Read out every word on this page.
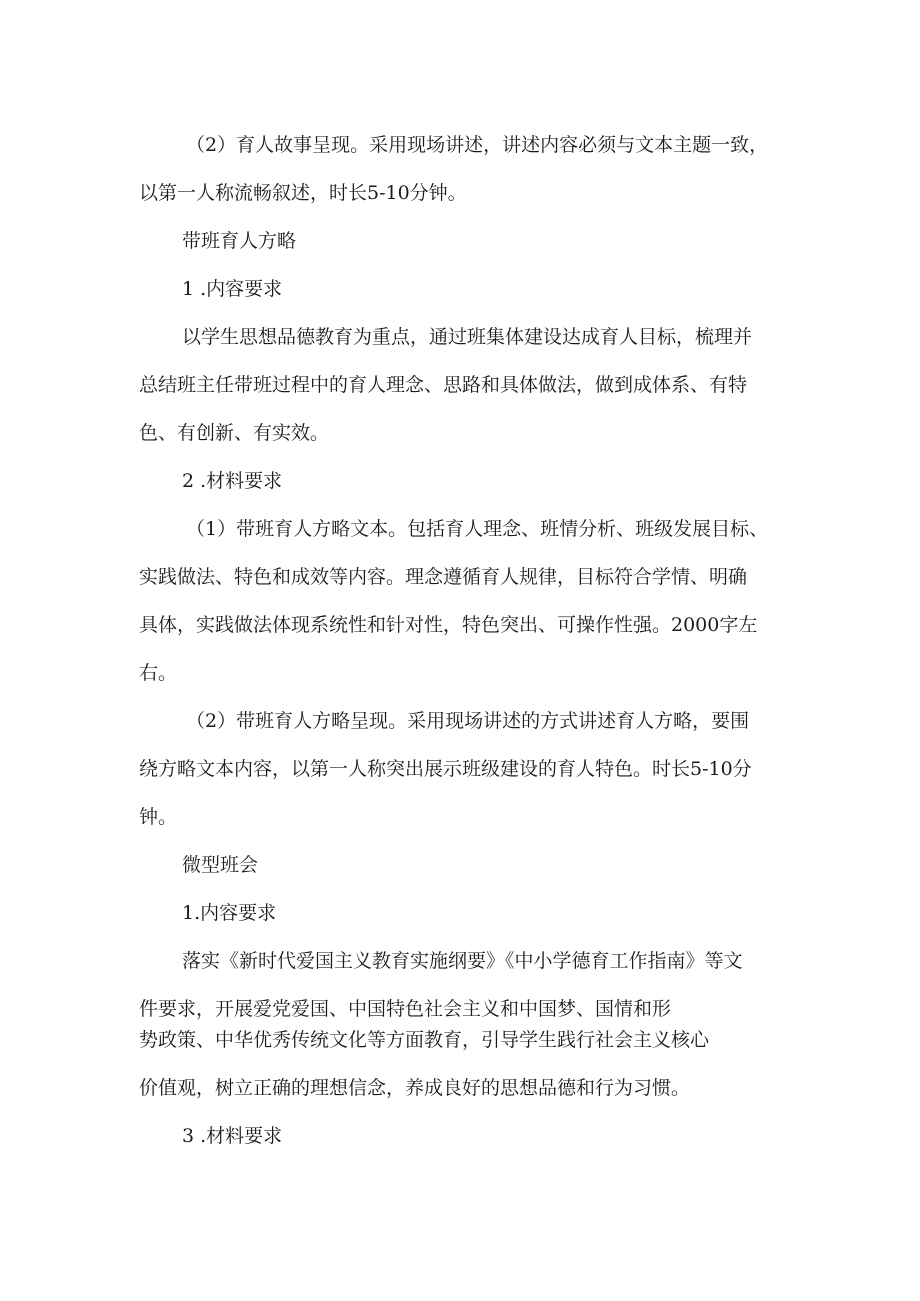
（2）育人故事呈现。采用现场讲述，讲述内容必须与文本主题一致，
以第一人称流畅叙述，时长5-10分钟。
带班育人方略
1 .内容要求
以学生思想品德教育为重点，通过班集体建设达成育人目标，梳理并
总结班主任带班过程中的育人理念、思路和具体做法，做到成体系、有特
色、有创新、有实效。
2 .材料要求
（1）带班育人方略文本。包括育人理念、班情分析、班级发展目标、
实践做法、特色和成效等内容。理念遵循育人规律，目标符合学情、明确
具体，实践做法体现系统性和针对性，特色突出、可操作性强。2000字左
右。
（2）带班育人方略呈现。采用现场讲述的方式讲述育人方略，要围
绕方略文本内容，以第一人称突出展示班级建设的育人特色。时长5-10分
钟。
微型班会
1.内容要求
落实《新时代爱国主义教育实施纲要》《中小学德育工作指南》等文
件要求，开展爱党爱国、中国特色社会主义和中国梦、国情和形
势政策、中华优秀传统文化等方面教育，引导学生践行社会主义核心
价值观，树立正确的理想信念，养成良好的思想品德和行为习惯。
3 .材料要求
